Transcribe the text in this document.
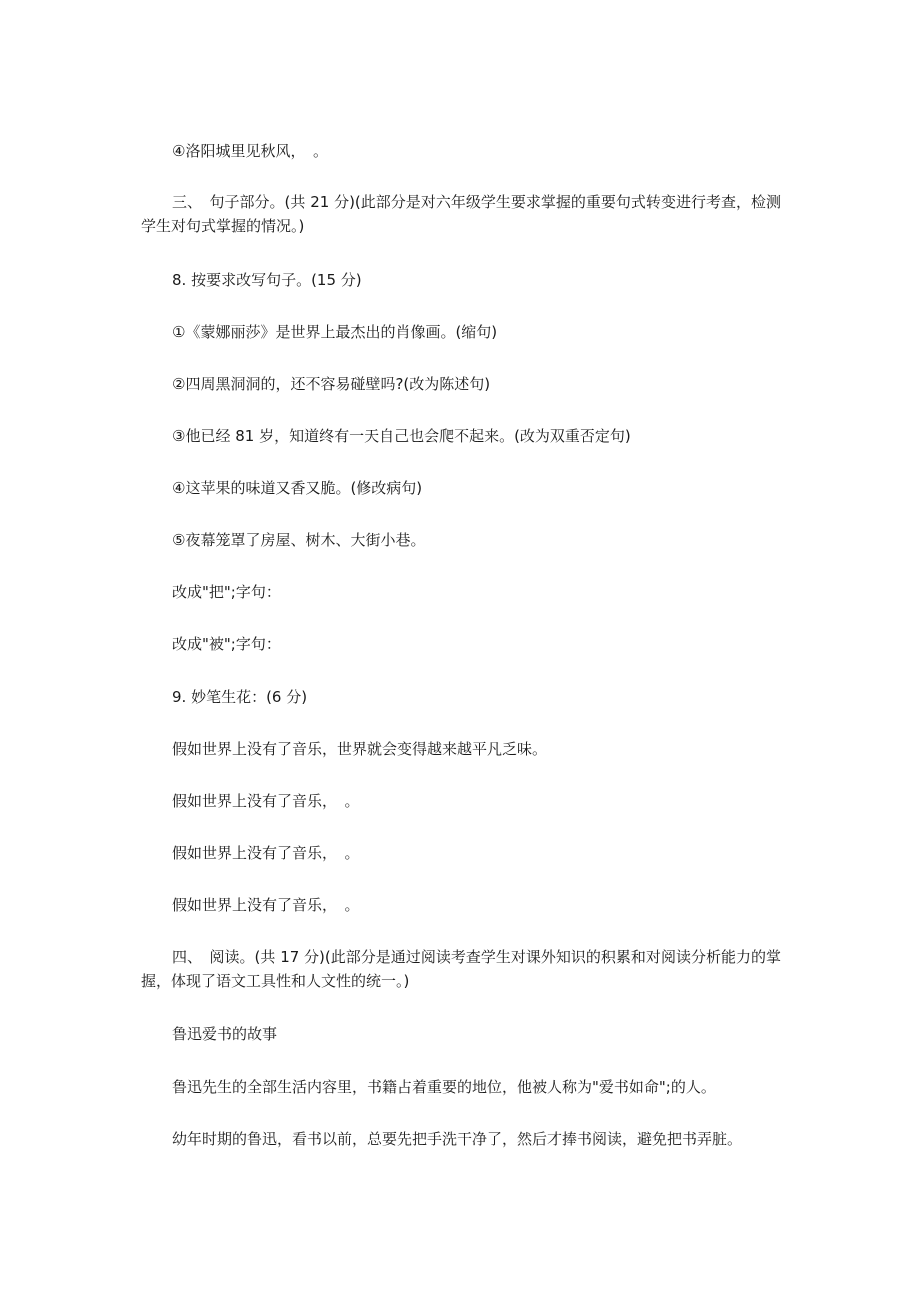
④洛阳城里见秋风，　。

三、　句子部分。(共 21 分)(此部分是对六年级学生要求掌握的重要句式转变进行考查，检测学生对句式掌握的情况。)

8. 按要求改写句子。(15 分)

①《蒙娜丽莎》是世界上最杰出的肖像画。(缩句)

②四周黑洞洞的，还不容易碰壁吗?(改为陈述句)

③他已经 81 岁，知道终有一天自己也会爬不起来。(改为双重否定句)

④这苹果的味道又香又脆。(修改病句)

⑤夜幕笼罩了房屋、树木、大街小巷。

改成"把";字句：

改成"被";字句：

9. 妙笔生花：(6 分)

假如世界上没有了音乐，世界就会变得越来越平凡乏味。

假如世界上没有了音乐，　。

假如世界上没有了音乐，　。

假如世界上没有了音乐，　。

四、　阅读。(共 17 分)(此部分是通过阅读考查学生对课外知识的积累和对阅读分析能力的掌握，体现了语文工具性和人文性的统一。)

鲁迅爱书的故事

鲁迅先生的全部生活内容里，书籍占着重要的地位，他被人称为"爱书如命";的人。

幼年时期的鲁迅，看书以前，总要先把手洗干净了，然后才捧书阅读，避免把书弄脏。
